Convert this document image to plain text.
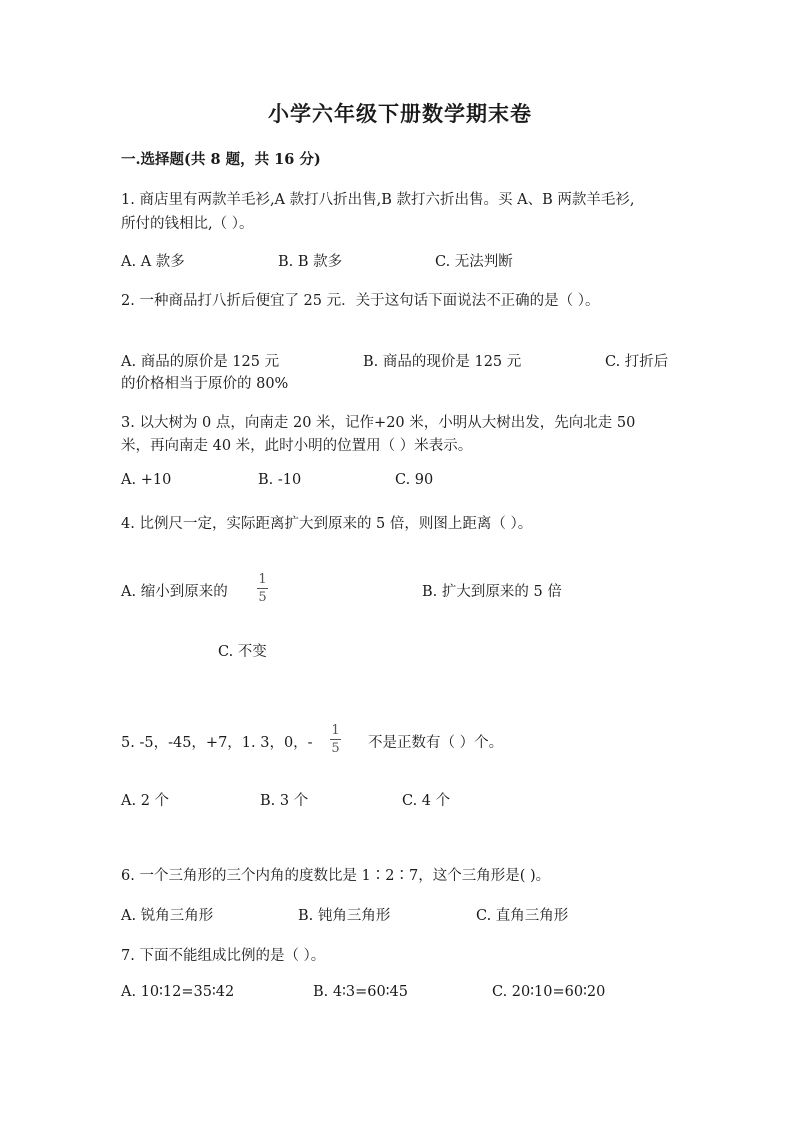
小学六年级下册数学期末卷
一.选择题(共 8 题，共 16 分)
1. 商店里有两款羊毛衫,A 款打八折出售,B 款打六折出售。买 A、B 两款羊毛衫,
所付的钱相比,（ ）。
A. A 款多	B. B 款多	C. 无法判断
2. 一种商品打八折后便宜了 25 元．关于这句话下面说法不正确的是（ ）。
A. 商品的原价是 125 元	B. 商品的现价是 125 元	C. 打折后
的价格相当于原价的 80%
3. 以大树为 0 点，向南走 20 米，记作+20 米，小明从大树出发，先向北走 50
米，再向南走 40 米，此时小明的位置用（ ）米表示。
A. +10	B. -10	C. 90
4. 比例尺一定，实际距离扩大到原来的 5 倍，则图上距离（ ）。
A. 缩小到原来的
1
5	B. 扩大到原来的 5 倍
C. 不变
5. -5，-45，+7，1. 3，0，-
1
5 不是正数有（ ）个。
A. 2 个	B. 3 个	C. 4 个
6. 一个三角形的三个内角的度数比是 1∶2∶7，这个三角形是( )。
A. 锐角三角形	B. 钝角三角形	C. 直角三角形
7. 下面不能组成比例的是（ ）。
A. 10∶12=35∶42	B. 4∶3=60∶45	C. 20∶10=60∶20
